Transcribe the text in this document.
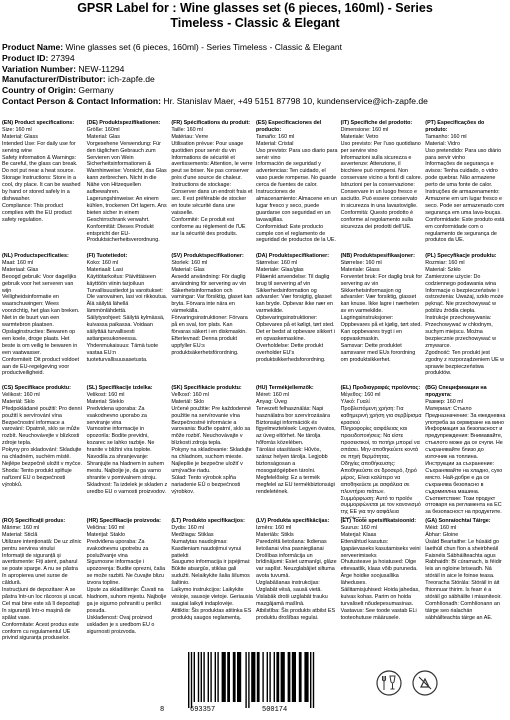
GPSR Label for : Wine glasses set (6 pieces, 160ml) - Series
Timeless - Classic & Elegant
Product Name: Wine glasses set (6 pieces, 160ml) - Series Timeless - Classic & Elegant
Product ID: 27394
Variation Number: NEW-11294
Manufacturer/Distributor: ich-zapfe.de
Country of Origin: Germany
Contact Person & Contact Information: Hr. Stanislav Maer, +49 5151 87798 10, kundenservice@ich-zapfe.de
(EN) Product specifications:
Size: 160 ml
Material: Glass
Intended Use: For daily use for serving wine
Safety information & Warnings: Be careful, the glass can break. Do not put near a heat source.
Storage Instructions: Store in a cool, dry place. It can be washed by hand or stored safely in a dishwasher.
Compliance: This product complies with the EU product safety regulation.
(DE) Produktspezifikationen:
Größe: 160ml
Material: Glas
Vorgesehene Verwendung: Für den täglichen Gebrauch zum Servieren von Wein
Sicherheitsinformationen & Warnhinweise: Vorsicht, das Glas kann zerbrechen. Nicht in die Nähe von Hitzequellen aufbewahren.
Lagerungshinweise: An einem kühlen, trockenen Ort lagern. Ans bieten sicher in einem Geschirrschrank verwahrt.
Konformität: Dieses Produkt entspricht der EU-Produktsicherheitsverordnung.
(FR) Spécifications du produit:
Taille: 160 ml
Matériau: Verre
Utilisation prévue: Pour usage quotidien pour servir du vin
Informations de sécurité et avertissements: Attention, le verre peut se briser. Ne pas conserver près d'une source de chaleur.
Instructions de stockage: Conserver dans un endroit frais et sec. Il est préférable de stocker en toute sécurité dans une vaisselle.
Conformité: Ce produit est conforme au règlement de l'UE sur la sécurité des produits.
(ES) Especificaciones del producto:
Tamaño: 160 ml
Material: Cristal
Uso previsto: Para uso diario para servir vino
Información de seguridad y advertencias: Ten cuidado, el vaso puede romperse. No guarde cerca de fuentes de calor.
Instrucciones de almacenamiento: Almacene en un lugar fresco y seco, puede guardarse con seguridad en un lavavajillas.
Conformidad: Este producto cumple con el reglamento de seguridad de productos de la UE.
(IT) Specifiche del prodotto:
Dimensione: 160 ml
Materiale: Vetro
Uso previsto: Per l'uso quotidiano per servire vino
Informazioni sulla sicurezza e avvertenze: Attenzione, il bicchiere può rompersi. Non conservare vicino a fonti di calore.
Istruzioni per la conservazione: Conservare in un luogo fresco e asciutto. Può essere conservato in sicurezza in una lavastoviglie.
Conformità: Questo prodotto è conforme al regolamento sulla sicurezza dei prodotti dell'UE.
(PT) Especificações do produto:
Tamanho: 160 ml
Material: Vidro
Uso pretendido: Para uso diário para servir vinho
Informações de segurança e avisos: Tenha cuidado, o vidro pode quebrar. Não armazene perto de uma fonte de calor.
Instruções de armazenamento: Armazene em um lugar fresco e seco. Pode ser armazenado com segurança em uma lava-louças.
Conformidade: Este produto está em conformidade com o regulamento de segurança de produtos da UE.
(NL) Productspecificaties:
Maat: 160 ml
Materiaal: Glas
Beoogd gebruik: Voor dagelijks gebruik voor het serveren van wijn
Veiligheidsinformatie en waarschuwingen: Wees voorzichtig, het glas kan breken. Niet in de buurt van een warmtebron plaatsen.
Opslaginstructies: Bewaren op een koele, droge plaats. Het beste is om veilig te bewaren in een vaatwasser.
Conformiteit: Dit product voldoet aan de EU-regelgeving voor productveiligheid.
(FI) Tuotetiedot:
Koko: 160 ml
Materiaali: Lasi
Käyttötarkoitus: Päivittäiseen käyttöön viinin tarjoiluun
Turvallisuustiedot ja varoitukset: Ole varovainen, lasi voi rikkoutua. Älä säilytä lähellä lämmönlähdettä.
Säilytysohjeet: Säilytä kylmässä, kuivassa paikassa. Voidaan säilyttää turvallisesti astianpesukoneessa.
Yhdenmukaisuus: Tämä tuote vastaa EU:n tuoteturvallisuusasetusta.
(SV) Produktspecifikationer:
Storlek: 160 ml
Material: Glas
Avsedd användning: För daglig användning för servering av vin
Säkerhetsinformation och varningar: Var försiktig, glaset kan bryta. Förvara inte nära en värmekälla.
Förvaringsinstruktioner: Förvara på en sval, torr plats. Kan förvaras säkert i en diskmaskin.
Efterlevnad: Denna produkt uppfyller EU:s produktsäkerhetsförordning.
(DA) Produktspecifikationer:
Størrelse: 160 ml
Materiale: Glas/glas
Påtænkt anvendelse: Til daglig brug til servering af vin
Sikkerhedsinformation og advarsler: Vær forsigtig, glasset kan bryde. Opbevar ikke nær en varmekilde.
Opbevaringsinstruktioner: Opbevares på et køligt, tørt sted. Det er bedst at opbevare sikkert i en opvaskemaskine.
Overholdelse: Dette produkt overholder EU's produktsikkerhedsforordning.
(NB) Produktspesifikasjoner:
Størrelse: 160 ml
Materiale: Glass
Forventet bruk: For daglig bruk for servering av vin
Sikkerhetsinformasjon og advarsler: Vær forsiktig, glasset kan knuse. Ikke lagre i nærheten av en varmekilde.
Lagringsinstruksjoner: Oppbevares på et kjølig, tørt sted. Kan oppbevares trygt i en oppvaskmaskin.
Samsvar: Dette produktet samsvarer med EUs forordning om produktsikkerhet.
(PL) Specyfikacje produktu:
Rozmiar: 160 ml
Materiał: Szkło
Zamierzone użycie: Do codziennego podawania wina
Informacje o bezpieczeństwie i ostrzeżenia: Uważaj, szkło może pęknąć. Nie przechowywać w pobliżu źródła ciepła.
Instrukcje przechowywania: Przechowywać w chłodnym, suchym miejscu. Można bezpiecznie przechowywać w zmywarce.
Zgodność: Ten produkt jest zgodny z rozporządzeniem UE w sprawie bezpieczeństwa produktów.
(CS) Specifikace produktu:
Velikost: 160 ml
Materiál: Sklo
Předpokládané použití: Pro denní použití k servírování vína
Bezpečnostní informace a varování: Opatrně, sklo se může rozbít. Neuchovávejte v blízkosti zdroje tepla.
Pokyny pro skladování: Skladujte na chladném, suchém místě. Nejlépe bezpečně uložit v myčce.
Shoda: Tento produkt splňuje nařízení EU o bezpečnosti výrobků.
(SL) Specifikacije izdelka:
Velikost: 160 ml
Material: Steklo
Predvidena uporaba: Za vsakodnevno uporabo za serviranje vina
Varnostne informacije in opozorila: Bodite previdni, kozarec se lahko razbije. Ne hranite v bližini vira toplote.
Navodila za shranjevanje: Shranjujte na hladnem in suhem mestu. Najbolje je, da ga varno shranite v pomivalnem stroju.
Skladnost: Ta izdelek je skladen z uredbo EU o varnosti proizvodov.
(SK) Špecifikácie produktu:
Veľkosť: 160 ml
Materiál: Sklo
Určené použitie: Pre každodenné použitie na servírovanie vína
Bezpečnostné informácie a varovania: Buďte opatrní, sklo sa môže rozbiť. Neuchovávajte v blízkosti zdroja tepla.
Pokyny na skladovanie: Skladujte na chladnom, suchom mieste. Najlepšie je bezpečne uložiť v umývačke riadu.
Súlad: Tento výrobok spĺňa nariadenie EÚ o bezpečnosti výrobkov.
(HU) Termékjellemzők:
Méret: 160 ml
Anyag: Üveg
Tervezett felhasználás: Napi használatra bor szervírozására
Biztonsági információk és figyelmeztetések: Legyen óvatos, az üveg eltörhet. Ne tárolja hőforrás közelében.
Tárolási utasítások: Hűvös, száraz helyen tárolja. Legjobb biztonságosan a mosogatógépben tárolni.
Megfelelőség: Ez a termék megfelel az EU termékbiztonsági rendeletének.
(EL) Προδιαγραφές προϊόντος:
Μέγεθος: 160 ml
Υλικό: Γυαλί
Προβλεπόμενη χρήση: Για καθημερινή χρήση για σερβίρισμα κρασιού
Πληροφορίες ασφάλειας και προειδοποιήσεις: Να είστε προσεκτικοί, το ποτήρι μπορεί να σπάσει. Μην αποθηκεύετε κοντά σε πηγή θερμότητας.
Οδηγίες αποθήκευσης: Αποθηκεύστε σε δροσερό, ξηρό μέρος. Είναι καλύτερο να αποθηκεύετε με ασφάλεια σε πλυντήριο πιάτων.
Συμμόρφωση: Αυτό το προϊόν συμμορφώνεται με τον κανονισμό της ΕΕ για την ασφάλεια
(BG) Спецификации на продукта:
Размер: 160 ml
Материал: Стъкло
Предназначение: За ежедневна употреба за сервиране на вино
Информация за безопасност и предупреждения: Внимавайте, стъклото може да се счупи. Не съхранявайте близо до източник на топлина.
Инструкции за съхранение: Съхранявайте на хладно, сухо място. Най-добре е да се съхранява безопасно в съдомиялна машина.
Съответствие: Този продукт отговаря на регламента на ЕС за безопасност на продуктите.
(RO) Specificații produs:
Mărime: 160 ml
Material: Sticlă
Utilizare intenționată: De uz zilnic pentru servirea vinului
Informații de siguranță și avertismente: Fiți atent, paharul se poate sparge. A nu se păstra în apropierea unei surse de căldură.
Instrucțiuni de depozitare: A se păstra într-un loc răcoros și uscat. Cel mai bine este să îl depozitați în siguranță într-o mașină de spălat vase.
Conformitate: Acest produs este conform cu regulamentul UE privind siguranța produselor.
(HR) Specifikacije proizvoda:
Veličina: 160 ml
Materijal: Staklo
Predviđena uporaba: Za svakodnevnu upotrebu za posluživanje vina
Sigurnosne informacije i upozorenja: Budite oprezni, čaša se može razbiti. Ne čuvajte blizu izvora topline.
Upute za skladištenje: Čuvati na hladnom, suhom mjestu. Najbolje ga je sigurno pohraniti u perilici posuđa.
Usklađenost: Ovaj proizvod usklađen je s uredbom EU o sigurnosti proizvoda.
(LT) Produkto specifikacijos:
Dydis: 160 ml
Medžiaga: Stiklas
Numatytas naudojimas: Kasdieniam naudojimui vynui patiekti
Saugumo informacija ir įspėjimai: Būkite atsargūs, stiklas gali sudužti. Nelaikykite šalia šilumos šaltinio.
Laikymo instrukcijos: Laikykite vėsioje, sausoje vietoje. Geriausia saugiai laikyti indaplovėje.
Atitiktis: Šis produktas atitinka ES produktų saugos reglamentą.
(LV) Produkta specifikācijas:
Izmērs: 160 ml
Materiāls: Stikls
Paredzētā lietošana: Ikdienas lietošanai vīna pasniegšanai
Drošības informācija un brīdinājumi: Esiet uzmanīgi, glāze var saplīst. Neuzglabājiet siltuma avota tuvumā.
Uzglabāšanas instrukcijas: Uzglabāt vēsā, sausā vietā. Vislabāk droši uzglabāt trauku mazgājamā mašīnā.
Atbilstība: Šis produkts atbilst ES produktu drošības regulai.
(ET) Toote spetsifikatsioonid:
Suurus: 160 ml
Materjal: Klaas
Ettenähtud kasutus: Igapäevaseks kasutamiseks veini serveerimiseks
Ohutusteave ja hoiatused: Olge ettevaatlik, klaas võib puruneda. Ärge hoidke soojusallika läheduses.
Säilitamisjuhised: Hoida jahedas, kuivas kohas. Parim on hoida turvaliselt nõudepesumasinas.
Vastavus: See toode vastab ELi tooteohutuse määrusele.
(GA) Sonraíochtaí Táirge:
Méid: 160 ml
Ábhar: Gloine
Úsáid Beartaithe: Le húsáid go laethúil chun fíon a sheirbheáil
Faisnéis Sábháilteachta agus Rabhaidh: Bí cúramach, is féidir leis an ngloine briseadh. Ná stóráil in aice le foinse teasa.
Treoracha Stórála: Stóráil in áit fhionnuar thirim. Is fearr é a stóráil go sábháilte i miasniteoir.
Comhlíonadh: Comhlíonann an táirge seo rialachán sábháilteachta táirge an AE.
8	693357	500174
